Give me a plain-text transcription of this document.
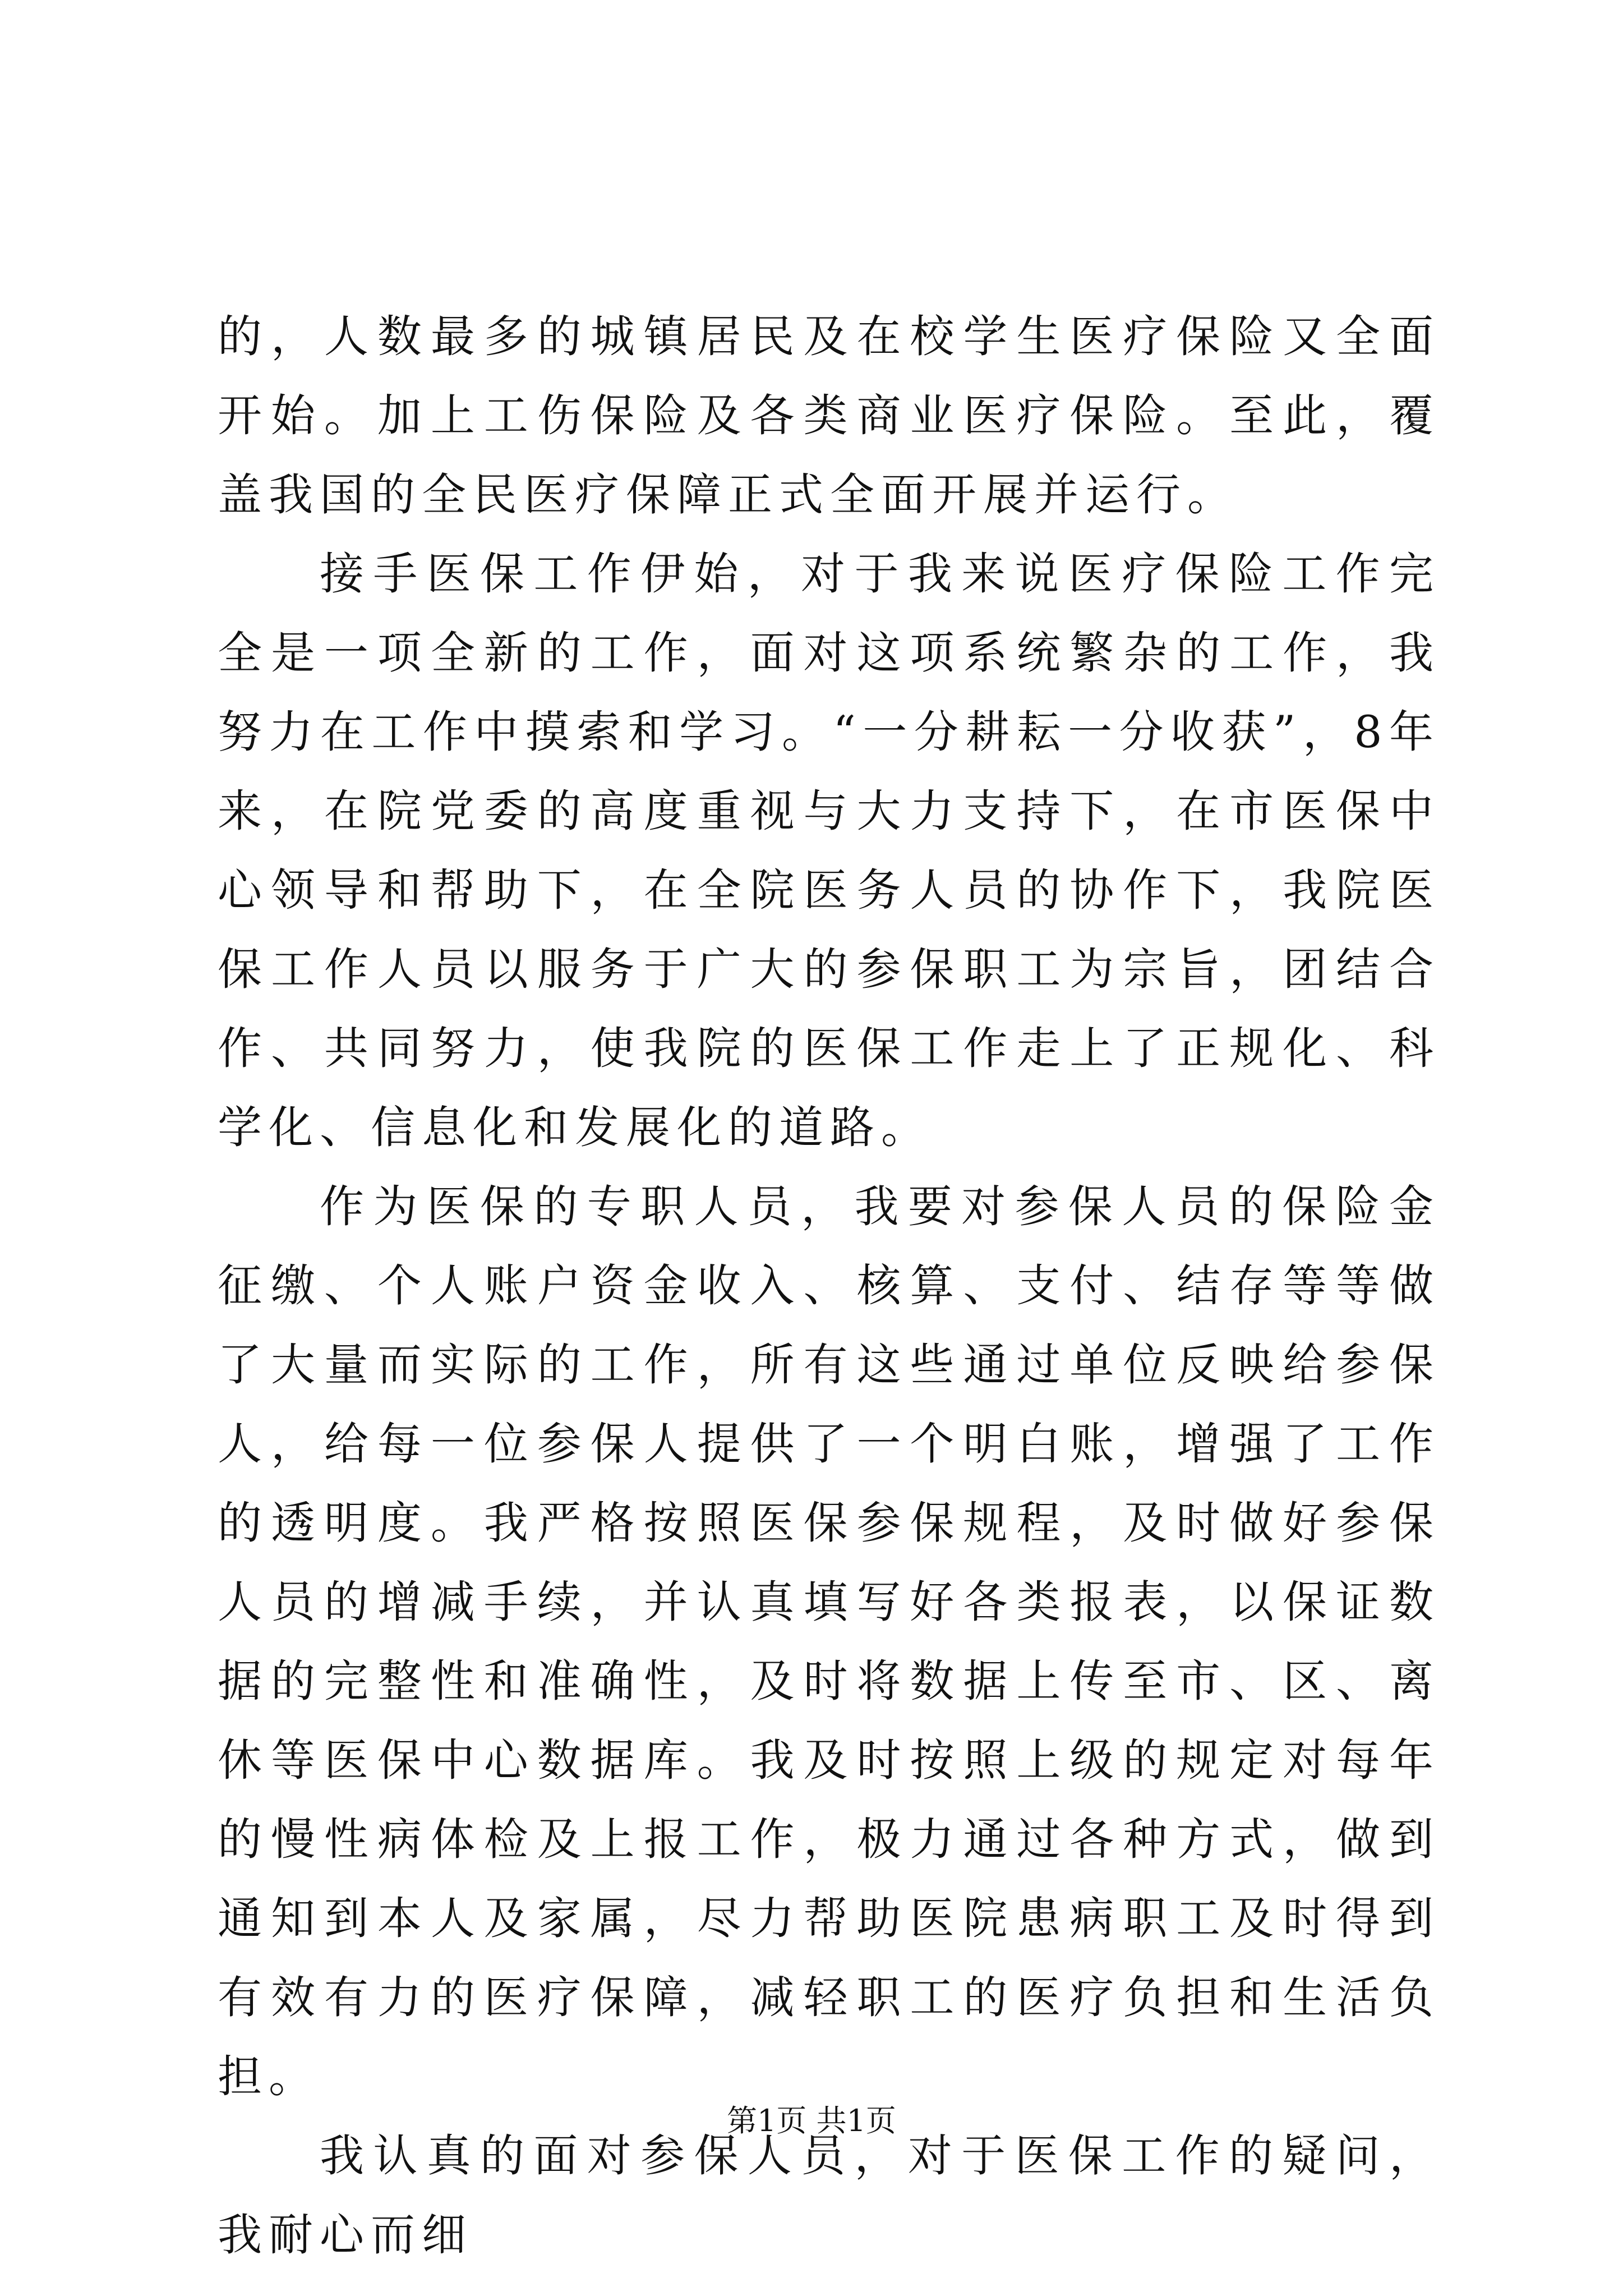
的，人数最多的城镇居民及在校学生医疗保险又全面开始。加上工伤保险及各类商业医疗保险。至此，覆盖我国的全民医疗保障正式全面开展并运行。

接手医保工作伊始，对于我来说医疗保险工作完全是一项全新的工作，面对这项系统繁杂的工作，我努力在工作中摸索和学习。“一分耕耘一分收获”，8年来，在院党委的高度重视与大力支持下，在市医保中心领导和帮助下，在全院医务人员的协作下，我院医保工作人员以服务于广大的参保职工为宗旨，团结合作、共同努力，使我院的医保工作走上了正规化、科学化、信息化和发展化的道路。

作为医保的专职人员，我要对参保人员的保险金征缴、个人账户资金收入、核算、支付、结存等等做了大量而实际的工作，所有这些通过单位反映给参保人，给每一位参保人提供了一个明白账，增强了工作的透明度。我严格按照医保参保规程，及时做好参保人员的增减手续，并认真填写好各类报表，以保证数据的完整性和准确性，及时将数据上传至市、区、离休等医保中心数据库。我及时按照上级的规定对每年的慢性病体检及上报工作，极力通过各种方式，做到通知到本人及家属，尽力帮助医院患病职工及时得到有效有力的医疗保障，减轻职工的医疗负担和生活负担。

我认真的面对参保人员，对于医保工作的疑问，我耐心而细

第1页 共1页
